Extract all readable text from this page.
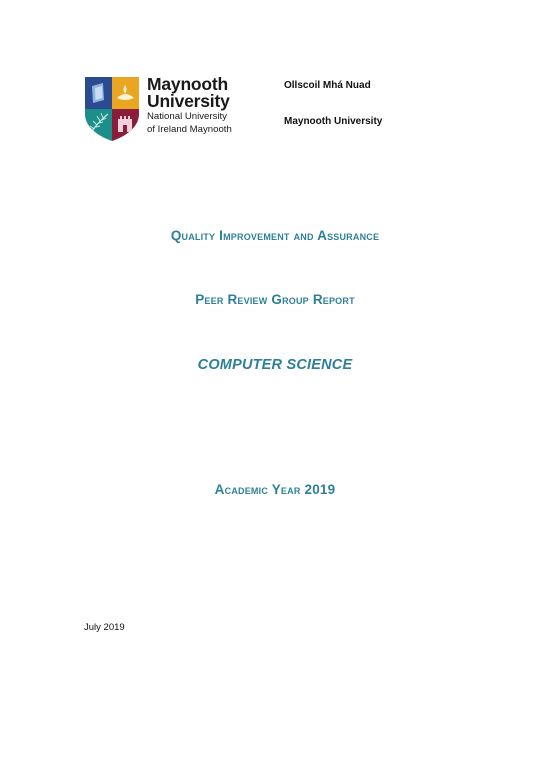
Maynooth
University
National University
of Ireland Maynooth
Ollscoil Mhá Nuad
Maynooth University
Quality Improvement and Assurance
Peer Review Group Report
COMPUTER SCIENCE
Academic Year 2019
July 2019
